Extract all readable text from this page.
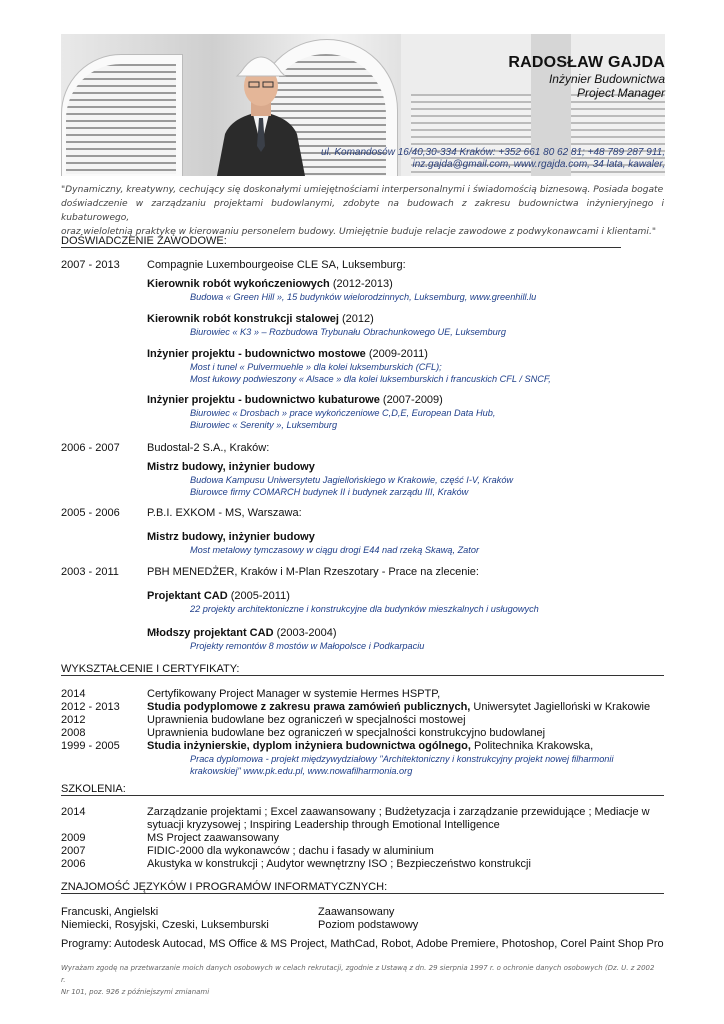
RADOSŁAW GAJDA
Inżynier Budownictwa
Project Manager
ul. Komandosów 16/40,30-334 Kraków: +352 661 80 62 81; +48 789 287 911,
inz.gajda@gmail.com, www.rgajda.com, 34 lata, kawaler,
"Dynamiczny, kreatywny, cechujący się doskonałymi umiejętnościami interpersonalnymi i świadomością biznesową. Posiada bogate
doświadczenie w zarządzaniu projektami budowlanymi, zdobyte na budowach z zakresu budownictwa inżynieryjnego i kubaturowego,
oraz wieloletnią praktykę w kierowaniu personelem budowy. Umiejętnie buduje relacje zawodowe z podwykonawcami i klientami."
DOŚWIADCZENIE ZAWODOWE:
2007 - 2013 Compagnie Luxembourgeoise CLE SA, Luksemburg:
Kierownik robót wykończeniowych (2012-2013)
Budowa « Green Hill », 15 budynków wielorodzinnych, Luksemburg, www.greenhill.lu
Kierownik robót konstrukcji stalowej (2012)
Biurowiec « K3 » – Rozbudowa Trybunału Obrachunkowego UE, Luksemburg
Inżynier projektu - budownictwo mostowe (2009-2011)
Most i tunel « Pulvermuehle » dla kolei luksemburskich (CFL);
Most łukowy podwieszony « Alsace » dla kolei luksemburskich i francuskich CFL / SNCF,
Inżynier projektu - budownictwo kubaturowe (2007-2009)
Biurowiec « Drosbach » prace wykończeniowe C,D,E, European Data Hub,
Biurowiec « Serenity », Luksemburg
2006 - 2007 Budostal-2 S.A., Kraków:
Mistrz budowy, inżynier budowy
Budowa Kampusu Uniwersytetu Jagiellońskiego w Krakowie, część I-V, Kraków
Biurowce firmy COMARCH budynek II i budynek zarządu III, Kraków
2005 - 2006 P.B.I. EXKOM - MS, Warszawa:
Mistrz budowy, inżynier budowy
Most metalowy tymczasowy w ciągu drogi E44 nad rzeką Skawą, Zator
2003 - 2011	PBH MENEDŻER, Kraków i M-Plan Rzeszotary - Prace na zlecenie:
Projektant CAD (2005-2011)
22 projekty architektoniczne i konstrukcyjne dla budynków mieszkalnych i usługowych
Młodszy projektant CAD (2003-2004)
Projekty remontów 8 mostów w Małopolsce i Podkarpaciu
WYKSZTAŁCENIE I CERTYFIKATY:
2014	Certyfikowany Project Manager w systemie Hermes HSPTP,
2012 - 2013 Studia podyplomowe z zakresu prawa zamówień publicznych, Uniwersytet Jagielloński w Krakowie
2012	Uprawnienia budowlane bez ograniczeń w specjalności mostowej
2008	Uprawnienia budowlane bez ograniczeń w specjalności konstrukcyjno budowlanej
1999 - 2005 Studia inżynierskie, dyplom inżyniera budownictwa ogólnego, Politechnika Krakowska,
Praca dyplomowa - projekt międzywydziałowy "Architektoniczny i konstrukcyjny projekt nowej filharmonii
krakowskiej" www.pk.edu.pl, www.nowafilharmonia.org
SZKOLENIA:
2014	Zarządzanie projektami ; Excel zaawansowany ; Budżetyzacja i zarządzanie przewidujące ; Mediacje w
sytuacji kryzysowej ; Inspiring Leadership through Emotional Intelligence
2009	MS Project zaawansowany
2007	FIDIC-2000 dla wykonawców ; dachu i fasady w aluminium
2006	Akustyka w konstrukcji ; Audytor wewnętrzny ISO ; Bezpieczeństwo konstrukcji
ZNAJOMOŚĆ JĘZYKÓW I PROGRAMÓW INFORMATYCZNYCH:
Francuski, Angielski	Zaawansowany
Niemiecki, Rosyjski, Czeski, Luksemburski	Poziom podstawowy
Programy: Autodesk Autocad, MS Office & MS Project, MathCad, Robot, Adobe Premiere, Photoshop, Corel Paint Shop Pro
Wyrażam zgodę na przetwarzanie moich danych osobowych w celach rekrutacji, zgodnie z Ustawą z dn. 29 sierpnia 1997 r. o ochronie danych osobowych (Dz. U. z 2002 r.
Nr 101, poz. 926 z późniejszymi zmianami
